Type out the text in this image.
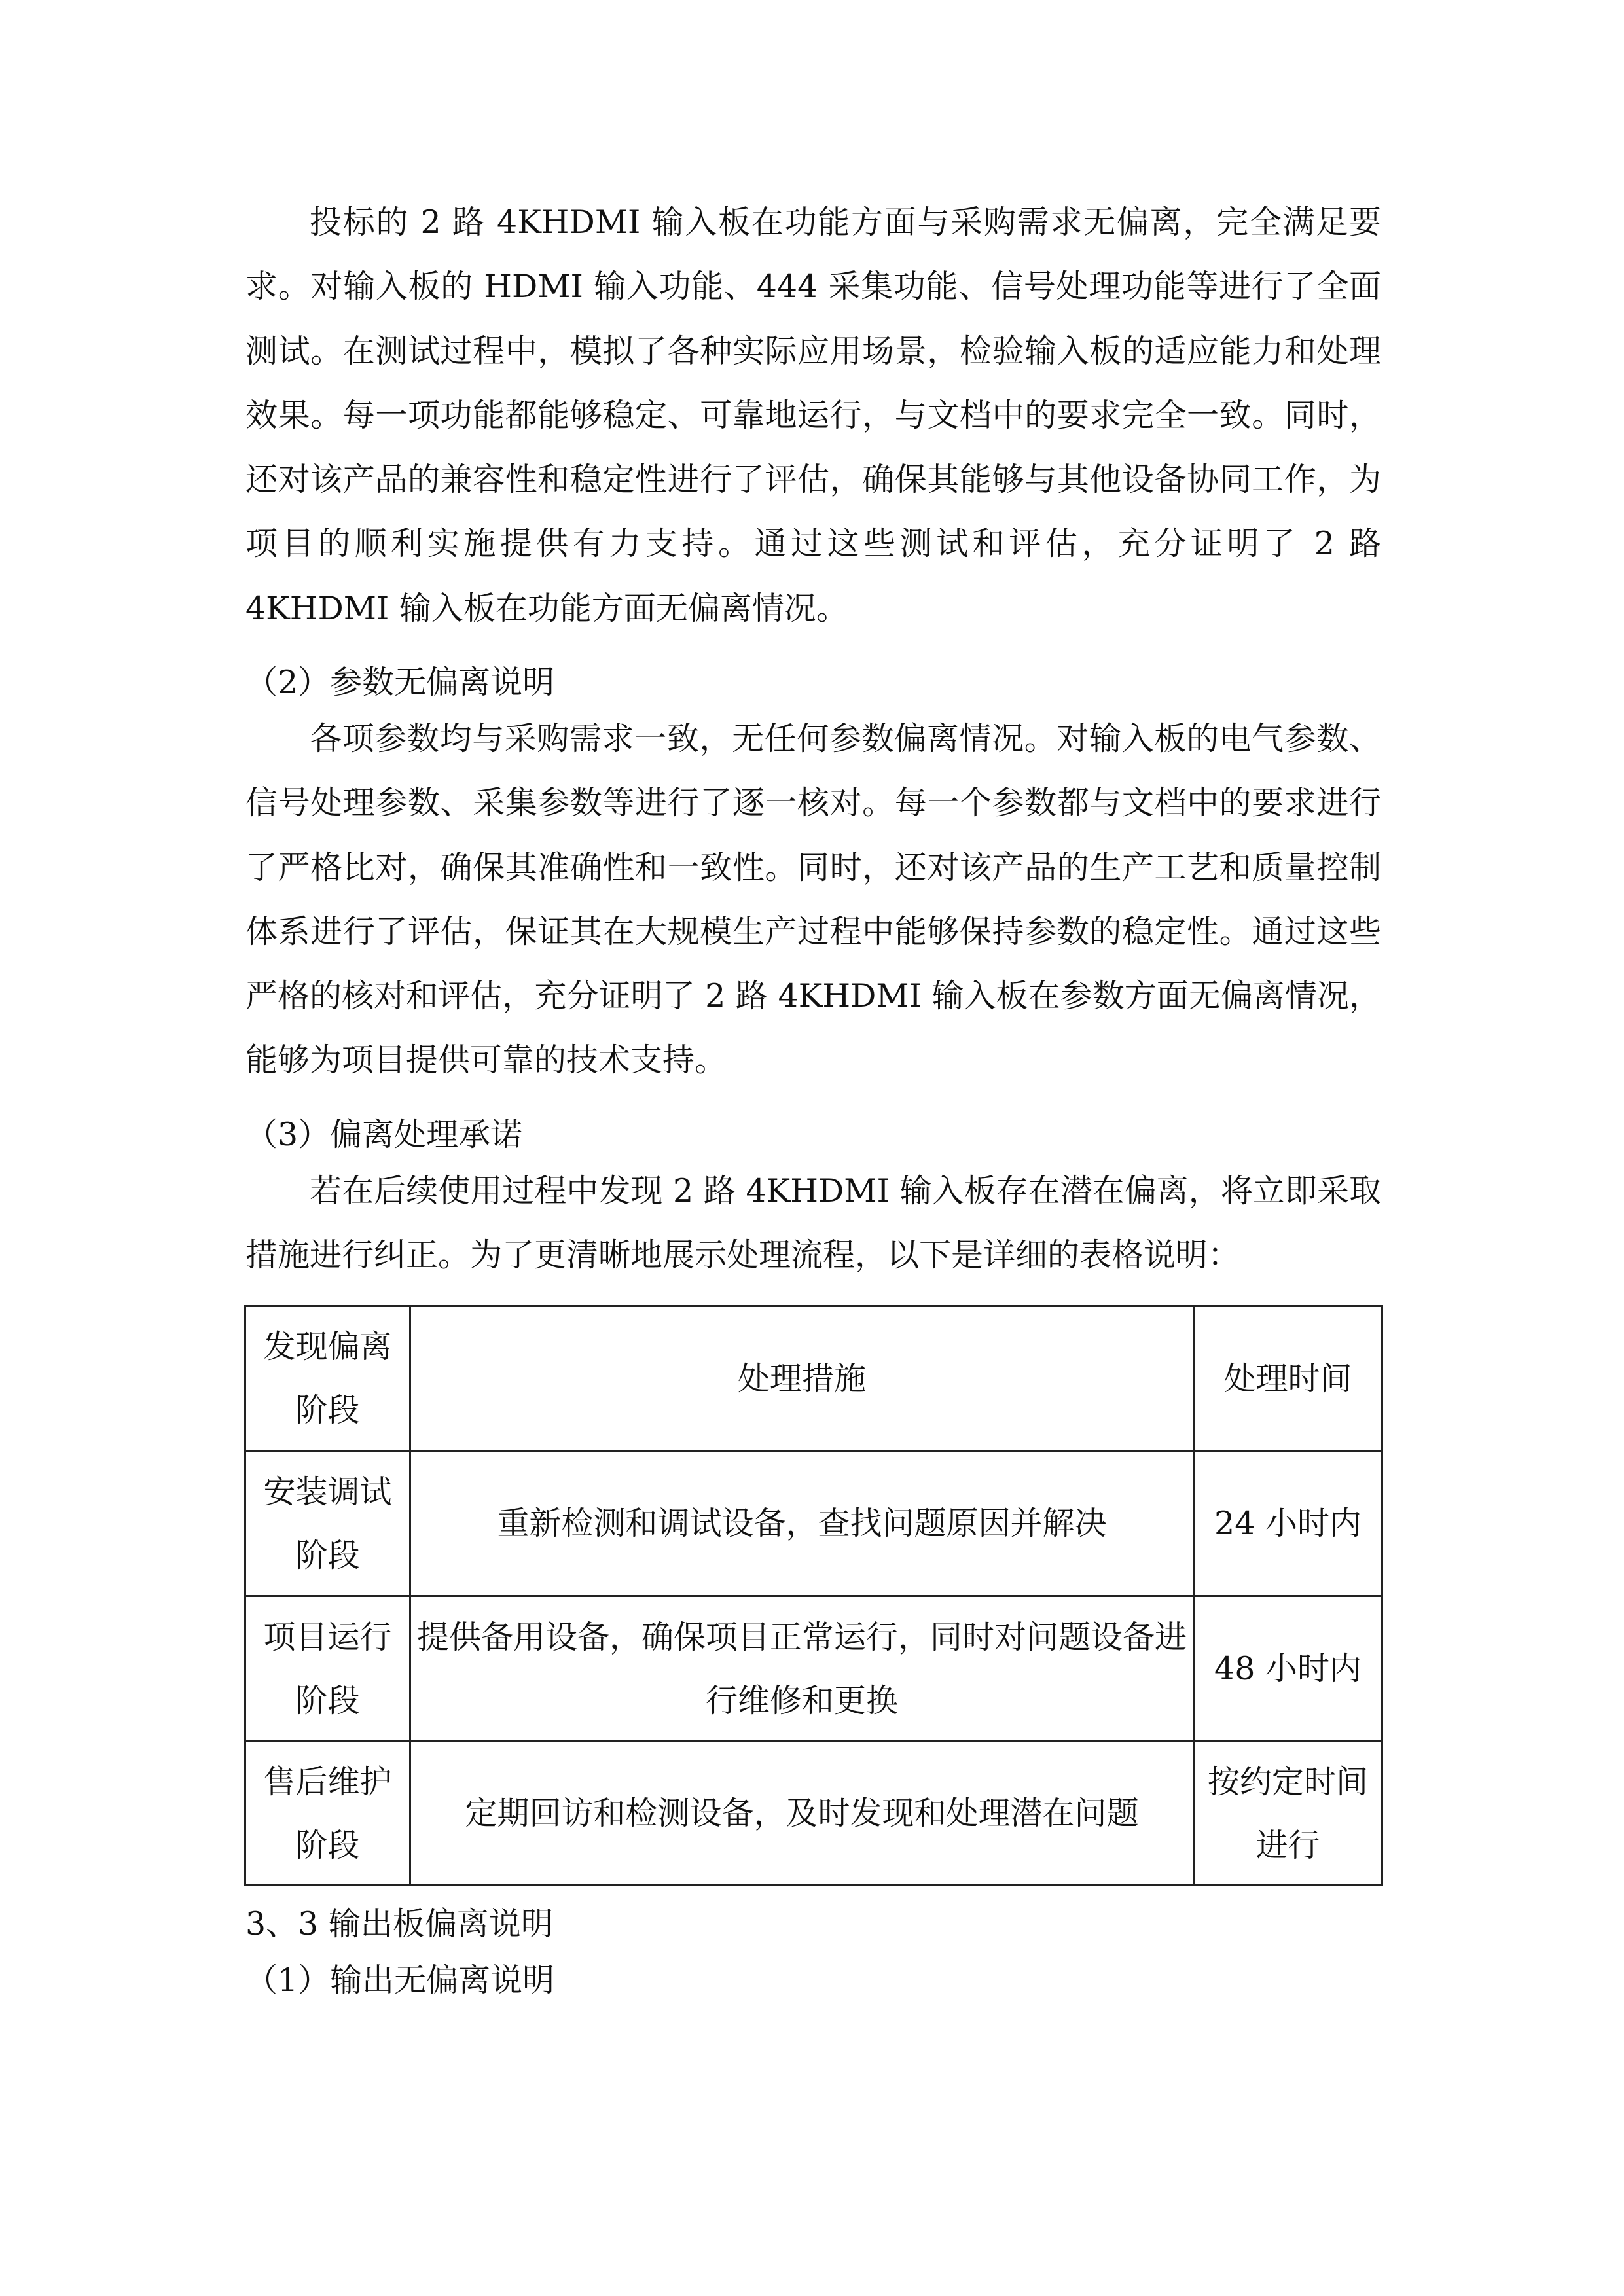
投标的 2 路 4KHDMI 输入板在功能方面与采购需求无偏离，完全满足要求。对输入板的 HDMI 输入功能、444 采集功能、信号处理功能等进行了全面测试。在测试过程中，模拟了各种实际应用场景，检验输入板的适应能力和处理效果。每一项功能都能够稳定、可靠地运行，与文档中的要求完全一致。同时，还对该产品的兼容性和稳定性进行了评估，确保其能够与其他设备协同工作，为项目的顺利实施提供有力支持。通过这些测试和评估，充分证明了 2 路 4KHDMI 输入板在功能方面无偏离情况。

（2）参数无偏离说明

各项参数均与采购需求一致，无任何参数偏离情况。对输入板的电气参数、信号处理参数、采集参数等进行了逐一核对。每一个参数都与文档中的要求进行了严格比对，确保其准确性和一致性。同时，还对该产品的生产工艺和质量控制体系进行了评估，保证其在大规模生产过程中能够保持参数的稳定性。通过这些严格的核对和评估，充分证明了 2 路 4KHDMI 输入板在参数方面无偏离情况，能够为项目提供可靠的技术支持。

（3）偏离处理承诺

若在后续使用过程中发现 2 路 4KHDMI 输入板存在潜在偏离，将立即采取措施进行纠正。为了更清晰地展示处理流程，以下是详细的表格说明：

发现偏离阶段	处理措施	处理时间
安装调试阶段	重新检测和调试设备，查找问题原因并解决	24 小时内
项目运行阶段	提供备用设备，确保项目正常运行，同时对问题设备进行维修和更换	48 小时内
售后维护阶段	定期回访和检测设备，及时发现和处理潜在问题	按约定时间进行

3、3 输出板偏离说明

（1）输出无偏离说明
